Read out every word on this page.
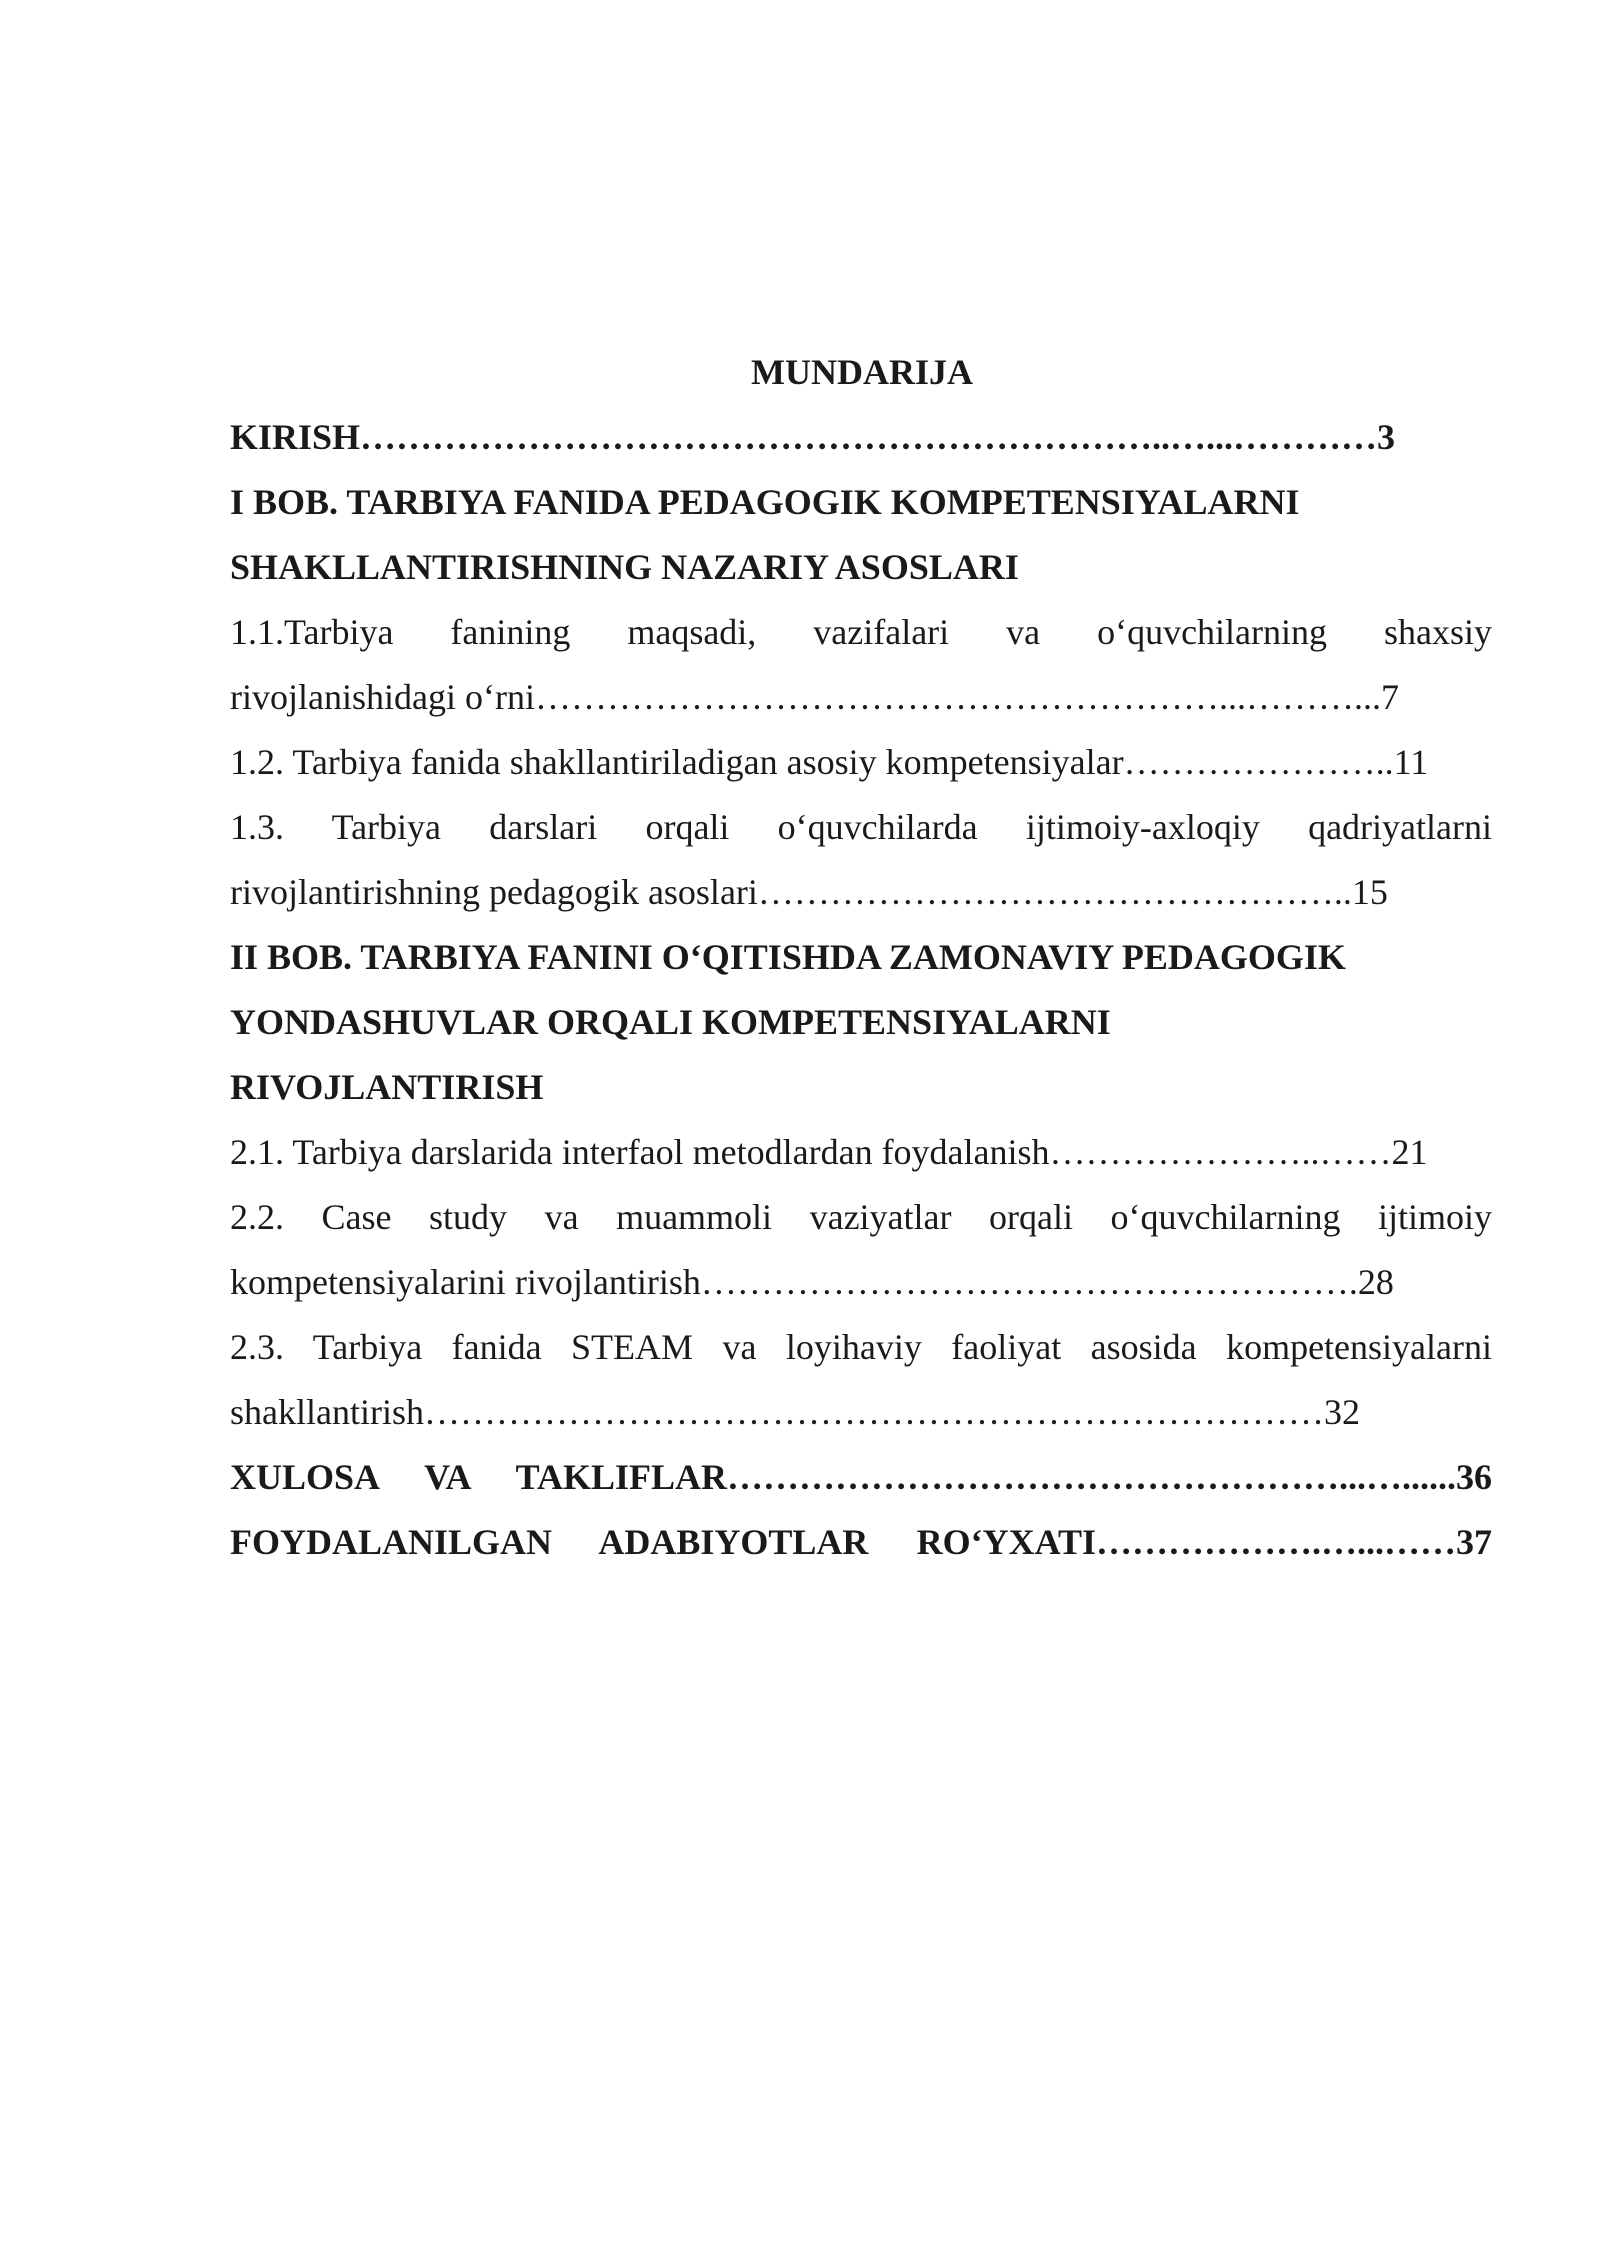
MUNDARIJA
KIRISH…………………………………………………………..…...…………3
I BOB. TARBIYA FANIDA PEDAGOGIK KOMPETENSIYALARNI
SHAKLLANTIRISHNING NAZARIY ASOSLARI
1.1.Tarbiya fanining maqsadi, vazifalari va o‘quvchilarning shaxsiy
rivojlanishidagi o‘rni…………………………………………………...………...7
1.2. Tarbiya fanida shakllantiriladigan asosiy kompetensiyalar…………………..11
1.3. Tarbiya darslari orqali o‘quvchilarda ijtimoiy-axloqiy qadriyatlarni
rivojlantirishning pedagogik asoslari…………………………………………..15
II BOB. TARBIYA FANINI O‘QITISHDA ZAMONAVIY PEDAGOGIK
YONDASHUVLAR ORQALI KOMPETENSIYALARNI
RIVOJLANTIRISH
2.1. Tarbiya darslarida interfaol metodlardan foydalanish…………………..……21
2.2. Case study va muammoli vaziyatlar orqali o‘quvchilarning ijtimoiy
kompetensiyalarini rivojlantirish……………………………………………….28
2.3. Tarbiya fanida STEAM va loyihaviy faoliyat asosida kompetensiyalarni
shakllantirish…………………………………………………………………32
XULOSA VA TAKLIFLAR……………………………………………...…......36
FOYDALANILGAN ADABIYOTLAR RO‘YXATI……………….…...……37
